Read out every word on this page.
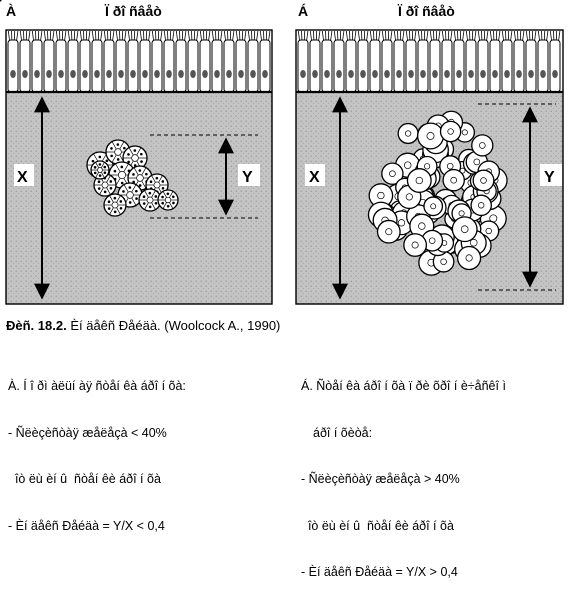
À	Ï ðî ñâåò
X	Y
Á	Ï ðî ñâåò
X	Y
Ðèñ. 18.2. Èí äåêñ Ðåéäà. (Woolcock A., 1990)

À. Í î ðì àëüí àÿ ñòåí êà áðî í õà:

- Ñëèçèñòàÿ æåëåçà < 40%

îò ëù èí û  ñòåí êè áðî í õà

- Èí äåêñ Ðåéäà = Y/X < 0,4

Á. Ñòåí êà áðî í õà ï ðè õðî í è÷åñêî ì

áðî í õèòå:

- Ñëèçèñòàÿ æåëåçà > 40%

îò ëù èí û  ñòåí êè áðî í õà

- Èí äåêñ Ðåéäà = Y/X > 0,4
